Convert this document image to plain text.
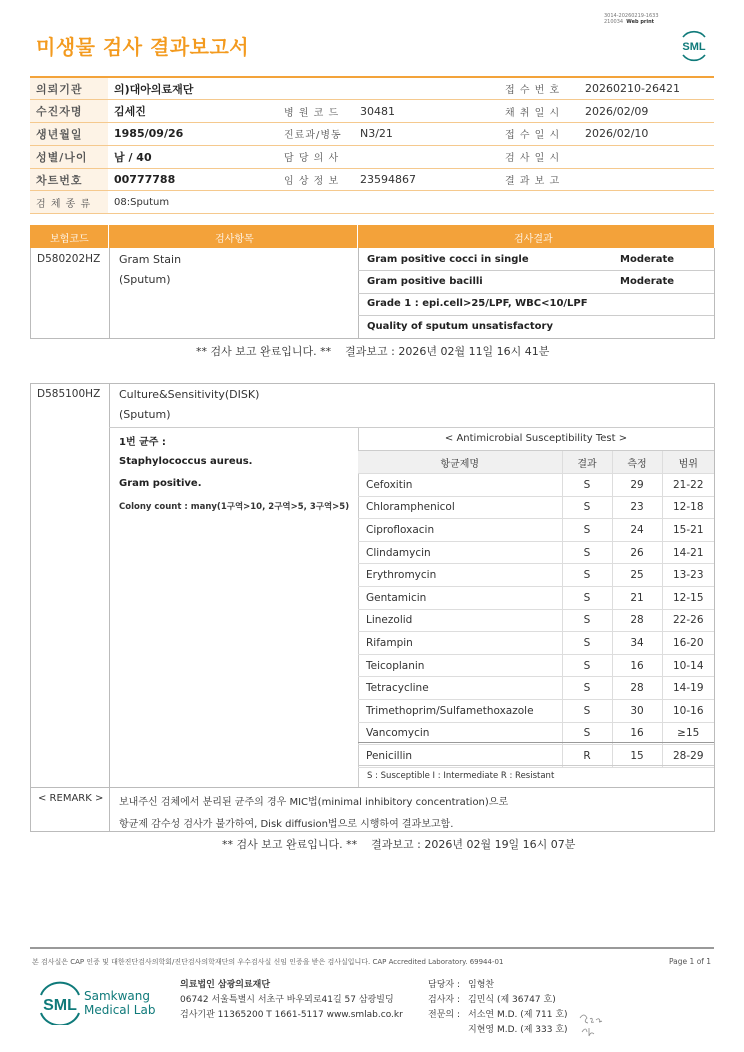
미생물 검사 결과보고서
3014-20260219-1633
210034 Web print
SML
의뢰기관	의)대아의료재단			접 수 번 호	20260210-26421
수진자명	김세진	병 원 코 드	30481	채 취 일 시	2026/02/09
생년월일	1985/09/26	진료과/병동	N3/21	접 수 일 시	2026/02/10
성별/나이	남 / 40	담 당 의 사		검 사 일 시	
차트번호	00777788	임 상 정 보	23594867	결 과 보 고	
검 체 종 류	08:Sputum				
보험코드	검사항목	검사결과
D580202HZ Gram Stain
(Sputum)
Gram positive cocci in single	Moderate
Gram positive bacilli	Moderate
Grade 1 : epi.cell>25/LPF, WBC<10/LPF
Quality of sputum unsatisfactory
** 검사 보고 완료입니다. ** 결과보고 : 2026년 02월 11일 16시 41분
D585100HZ Culture&Sensitivity(DISK)
(Sputum)
1번 균주 :
Staphylococcus aureus.
Gram positive.
Colony count : many(1구역>10, 2구역>5, 3구역>5)
< Antimicrobial Susceptibility Test >
항균제명	결과	측정	범위
Cefoxitin	S	29	21-22
Chloramphenicol	S	23	12-18
Ciprofloxacin	S	24	15-21
Clindamycin	S	26	14-21
Erythromycin	S	25	13-23
Gentamicin	S	21	12-15
Linezolid	S	28	22-26
Rifampin	S	34	16-20
Teicoplanin	S	16	10-14
Tetracycline	S	28	14-19
Trimethoprim/Sulfamethoxazole	S	30	10-16
Vancomycin	S	16	≥15
Penicillin	R	15	28-29
S : Susceptible I : Intermediate R : Resistant
< REMARK > 보내주신 검체에서 분리된 균주의 경우 MIC법(minimal inhibitory concentration)으로
항균제 감수성 검사가 불가하여, Disk diffusion법으로 시행하여 결과보고함.
** 검사 보고 완료입니다. ** 결과보고 : 2026년 02월 19일 16시 07분
본 검사실은 CAP 인증 및 대한진단검사의학회/진단검사의학재단의 우수검사실 신임 인증을 받은 검사실입니다. CAP Accredited Laboratory. 69944-01	Page 1 of 1
SML
Samkwang
Medical Lab
의료법인 삼광의료재단
06742 서울특별시 서초구 바우뫼로41길 57 삼광빌딩
검사기관 11365200 T 1661-5117 www.smlab.co.kr
담당자 : 임형찬
검사자 : 김민식 (제 36747 호)
전문의 : 서소연 M.D. (제 711 호)
지현영 M.D. (제 333 호)
